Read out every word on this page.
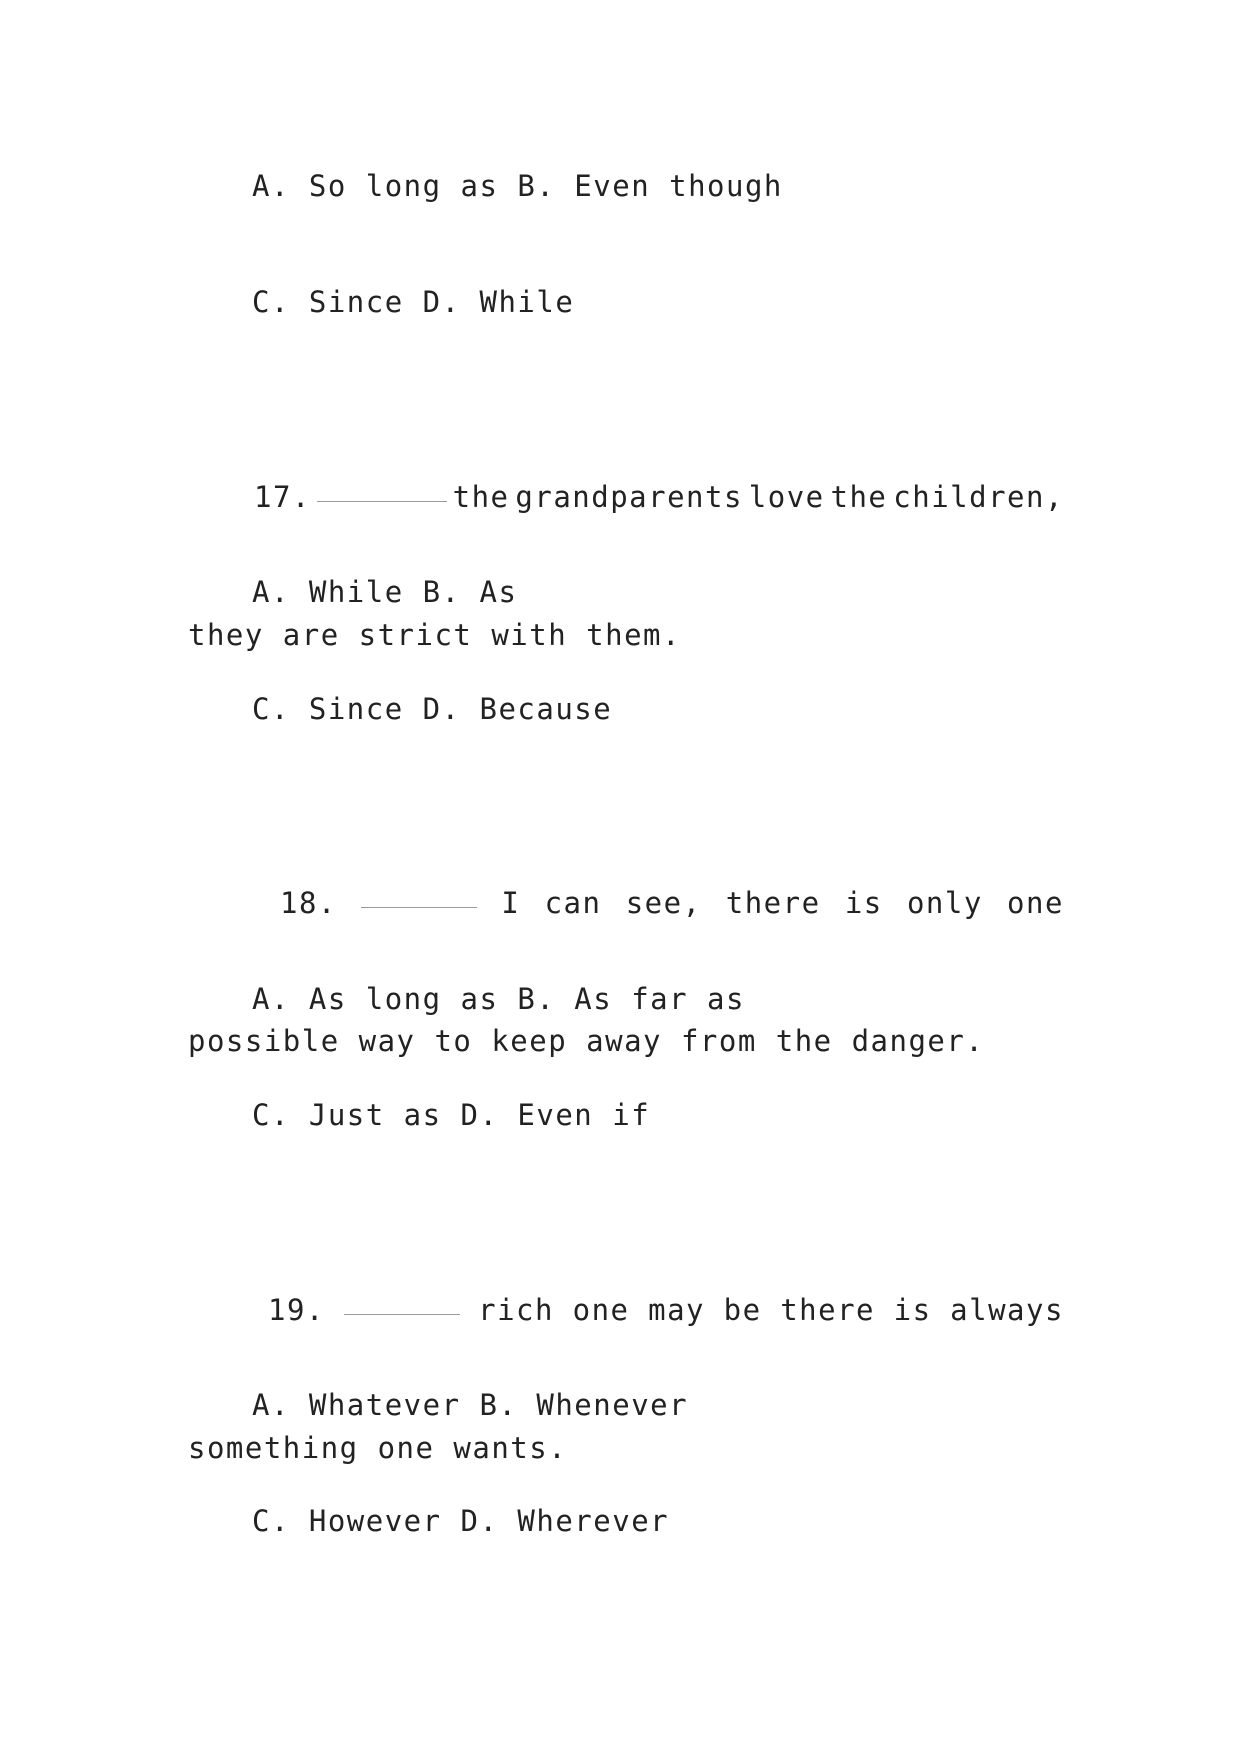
A. So long as B. Even though
C. Since D. While

17.	the grandparents love the children,

they are strict with them.

A. While B. As
C. Since D. Because

18.	I can see, there is only one

possible way to keep away from the danger.

A. As long as B. As far as
C. Just as D. Even if

19.	rich one may be there is always

something one wants.

A. Whatever B. Whenever
C. However D. Wherever
